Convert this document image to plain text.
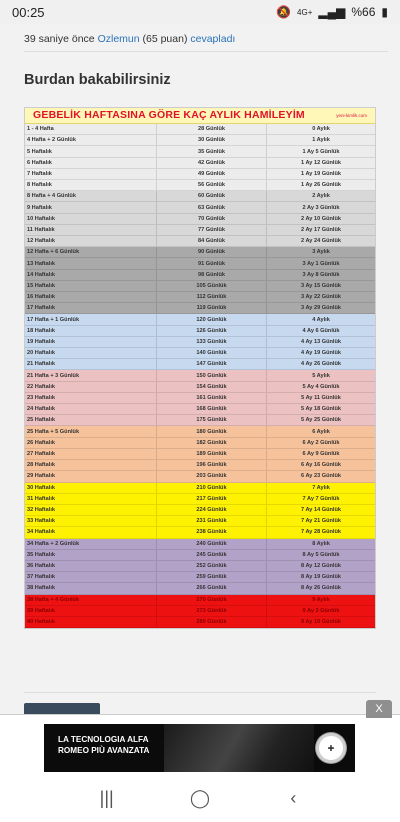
00:25	🔕 4G+ ▂▄▆ %66 ▮
39 saniye önce Ozlemun (65 puan) cevapladı
Burdan bakabilirsiniz
GEBELİK HAFTASINA GÖRE KAÇ AYLIK HAMİLEYİM	yeni-kimlik.com
1 - 4 Hafta	28 Günlük	0 Aylık
4 Hafta + 2 Günlük	30 Günlük	1 Aylık
5 Haftalık	35 Günlük	1 Ay 5 Günlük
6 Haftalık	42 Günlük	1 Ay 12 Günlük
7 Haftalık	49 Günlük	1 Ay 19 Günlük
8 Haftalık	56 Günlük	1 Ay 26 Günlük
8 Hafta + 4 Günlük	60 Günlük	2 Aylık
9 Haftalık	63 Günlük	2 Ay 3 Günlük
10 Haftalık	70 Günlük	2 Ay 10 Günlük
11 Haftalık	77 Günlük	2 Ay 17 Günlük
12 Haftalık	84 Günlük	2 Ay 24 Günlük
12 Hafta + 6 Günlük	90 Günlük	3 Aylık
13 Haftalık	91 Günlük	3 Ay 1 Günlük
14 Haftalık	98 Günlük	3 Ay 8 Günlük
15 Haftalık	105 Günlük	3 Ay 15 Günlük
16 Haftalık	112 Günlük	3 Ay 22 Günlük
17 Haftalık	119 Günlük	3 Ay 29 Günlük
17 Hafta + 1 Günlük	120 Günlük	4 Aylık
18 Haftalık	126 Günlük	4 Ay 6 Günlük
19 Haftalık	133 Günlük	4 Ay 13 Günlük
20 Haftalık	140 Günlük	4 Ay 19 Günlük
21 Haftalık	147 Günlük	4 Ay 26 Günlük
21 Hafta + 3 Günlük	150 Günlük	5 Aylık
22 Haftalık	154 Günlük	5 Ay 4 Günlük
23 Haftalık	161 Günlük	5 Ay 11 Günlük
24 Haftalık	168 Günlük	5 Ay 18 Günlük
25 Haftalık	175 Günlük	5 Ay 25 Günlük
25 Hafta + 5 Günlük	180 Günlük	6 Aylık
26 Haftalık	182 Günlük	6 Ay 2 Günlük
27 Haftalık	189 Günlük	6 Ay 9 Günlük
28 Haftalık	196 Günlük	6 Ay 16 Günlük
29 Haftalık	203 Günlük	6 Ay 23 Günlük
30 Haftalık	210 Günlük	7 Aylık
31 Haftalık	217 Günlük	7 Ay 7 Günlük
32 Haftalık	224 Günlük	7 Ay 14 Günlük
33 Haftalık	231 Günlük	7 Ay 21 Günlük
34 Haftalık	238 Günlük	7 Ay 28 Günlük
34 Hafta + 2 Günlük	240 Günlük	8 Aylık
35 Haftalık	245 Günlük	8 Ay 5 Günlük
36 Haftalık	252 Günlük	8 Ay 12 Günlük
37 Haftalık	259 Günlük	8 Ay 19 Günlük
38 Haftalık	266 Günlük	8 Ay 26 Günlük
38 Hafta + 4 Günlük	270 Günlük	9 Aylık
39 Haftalık	273 Günlük	9 Ay 3 Günlük
40 Haftalık	280 Günlük	9 Ay 10 Günlük
X
LA TECNOLOGIA ALFA ROMEO PIÙ AVANZATA	✚
|||	◯	‹
